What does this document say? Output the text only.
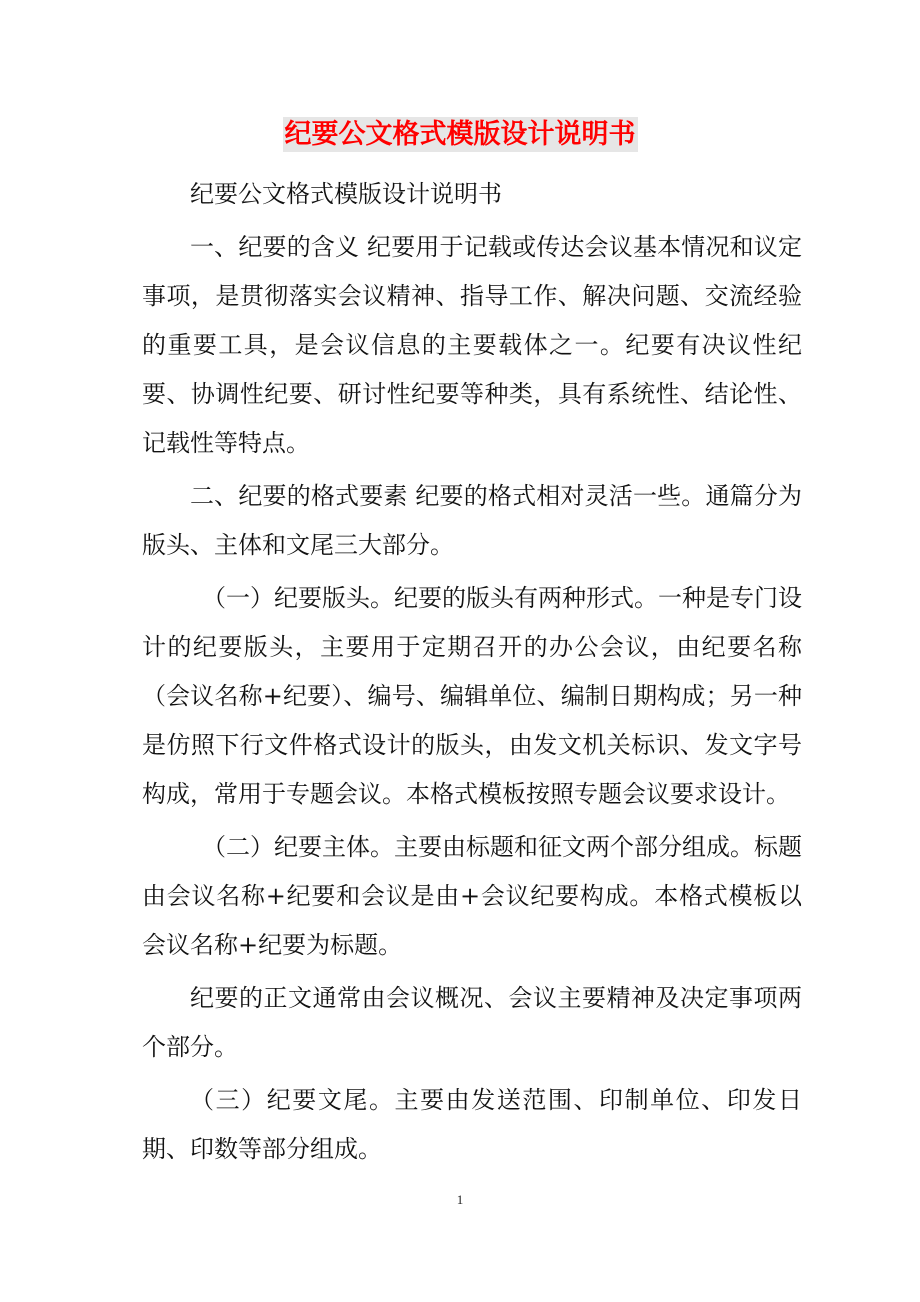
纪要公文格式模版设计说明书

纪要公文格式模版设计说明书

一、纪要的含义 纪要用于记载或传达会议基本情况和议定事项，是贯彻落实会议精神、指导工作、解决问题、交流经验的重要工具，是会议信息的主要载体之一。纪要有决议性纪要、协调性纪要、研讨性纪要等种类，具有系统性、结论性、记载性等特点。

二、纪要的格式要素 纪要的格式相对灵活一些。通篇分为版头、主体和文尾三大部分。

（一）纪要版头。纪要的版头有两种形式。一种是专门设计的纪要版头，主要用于定期召开的办公会议，由纪要名称（会议名称+纪要）、编号、编辑单位、编制日期构成；另一种是仿照下行文件格式设计的版头，由发文机关标识、发文字号构成，常用于专题会议。本格式模板按照专题会议要求设计。

（二）纪要主体。主要由标题和征文两个部分组成。标题由会议名称+纪要和会议是由+会议纪要构成。本格式模板以会议名称+纪要为标题。

纪要的正文通常由会议概况、会议主要精神及决定事项两个部分。

（三）纪要文尾。主要由发送范围、印制单位、印发日期、印数等部分组成。

1
